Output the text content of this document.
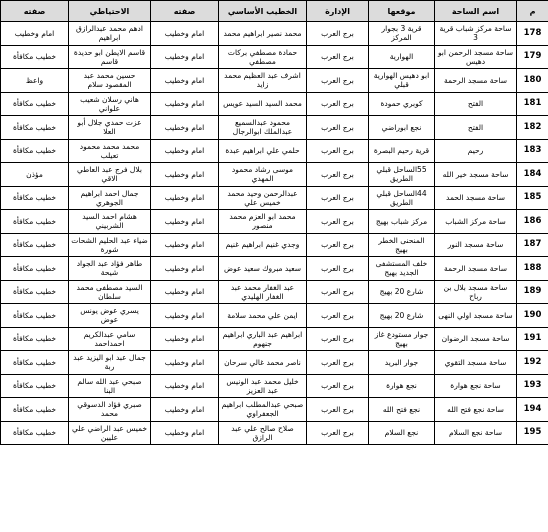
م	اسم الساحة	موقعها	الإدارة	الخطيب الأساسي	صفته	الاحتياطي	صفته
178	ساحة مركز شباب قرية 3	قرية 3 بجوار المركز	برج العرب	محمد نصير ابراهيم محمد	امام وخطيب	ادهم محمد عبدالرازق ابراهيم	امام وخطيب
179	ساحة مسجد الرحمن ابو دهيس	الهوارية	برج العرب	حمادة مصطفي بركات مصطفي	امام وخطيب	قاسم الايطن ابو حديدة قاسم	خطيب مكافأة
180	ساحة مسجد الرحمة	ابو دهيس الهوارية قبلي	برج العرب	اشرف عبد العظيم محمد زايد	امام وخطيب	حسين محمد عبد المقصود سلام	واعظ
181	الفتح	كوبري حمودة	برج العرب	محمد السيد السيد عويس	امام وخطيب	هاني رسلان شعيب علواني	خطيب مكافأة
182	الفتح	نجع ابوراضي	برج العرب	محمود عبدالسميع عبدالملك ابوالرجال	امام وخطيب	عزت حمدي جلال أبو العلا	خطيب مكافأة
183	رحيم	قرية رحيم البصرة	برج العرب	حلمي علي ابراهيم عبدة	امام وخطيب	محمد محمد محمود تعيلب	خطيب مكافأة
184	ساحة مسجد خير الله	55الساحل قبلي الطريق	برج العرب	موسى رشاد محمود المهدي	امام وخطيب	بلال فرج عبد العاطي الاقي	مؤذن
185	ساحة مسجد الحمد	44الساحل قبلي الطريق	برج العرب	عبدالرحمن وحيد محمد خميس علي	امام وخطيب	جمال احمد ابراهيم الجوهري	خطيب مكافأة
186	ساحة مركز الشباب	مركز شباب بهيج	برج العرب	محمد ابو العزم محمد منصور	امام وخطيب	هشام احمد السيد الشربيني	خطيب مكافأة
187	ساحة مسجد النور	المنحنى الخطر بهيج	برج العرب	وجدي غنيم ابراهيم غنيم	امام وخطيب	ضياء عبد الحليم الشحات شورة	خطيب مكافأة
188	ساحة مسجد الرحمة	خلف المستشفى الجديد بهيج	برج العرب	سعيد مبروك سعيد عوض	امام وخطيب	طاهر فؤاد عبد الجواد شيحة	خطيب مكافأة
189	ساحة مسجد بلال بن رباح	شارع 20 بهيج	برج العرب	عبد الغفار محمد عبد الغفار الهليدي	امام وخطيب	السيد مصطفى محمد سلطان	خطيب مكافأة
190	ساحة مسجد اولي النهى	شارع 20 بهيج	برج العرب	ايمن علي محمد سلامة	امام وخطيب	يسري عوض يونس عوض	خطيب مكافأة
191	ساحة مسجد الرضوان	جوار مستودع غاز بهيج	برج العرب	ابراهيم عبد الباري ابراهيم جنهوم	امام وخطيب	سامي عبدالكريم احمداحمد	خطيب مكافأة
192	ساحة مسجد التقوي	جوار البريد	برج العرب	ناصر محمد غالي سرحان	امام وخطيب	جمال عبد ابو اليزيد عبد ربة	خطيب مكافأة
193	ساحة نجع هوارة	نجع هوارة	برج العرب	خليل محمد عبد الونيس عبد العزيز	امام وخطيب	صبحي عبد الله سالم البنا	خطيب مكافأة
194	ساحة نجع فتح الله	نجع فتح الله	برج العرب	صبحي عبدالمطلب ابراهيم الجعفراوي	امام وخطيب	صبري فؤاد الدسوقي محمد	خطيب مكافأة
195	ساحة نجع السلام	نجع السلام	برج العرب	صلاح صالح علي عبد الرازق	امام وخطيب	خميس عبد الراضي علي عليين	خطيب مكافأة
